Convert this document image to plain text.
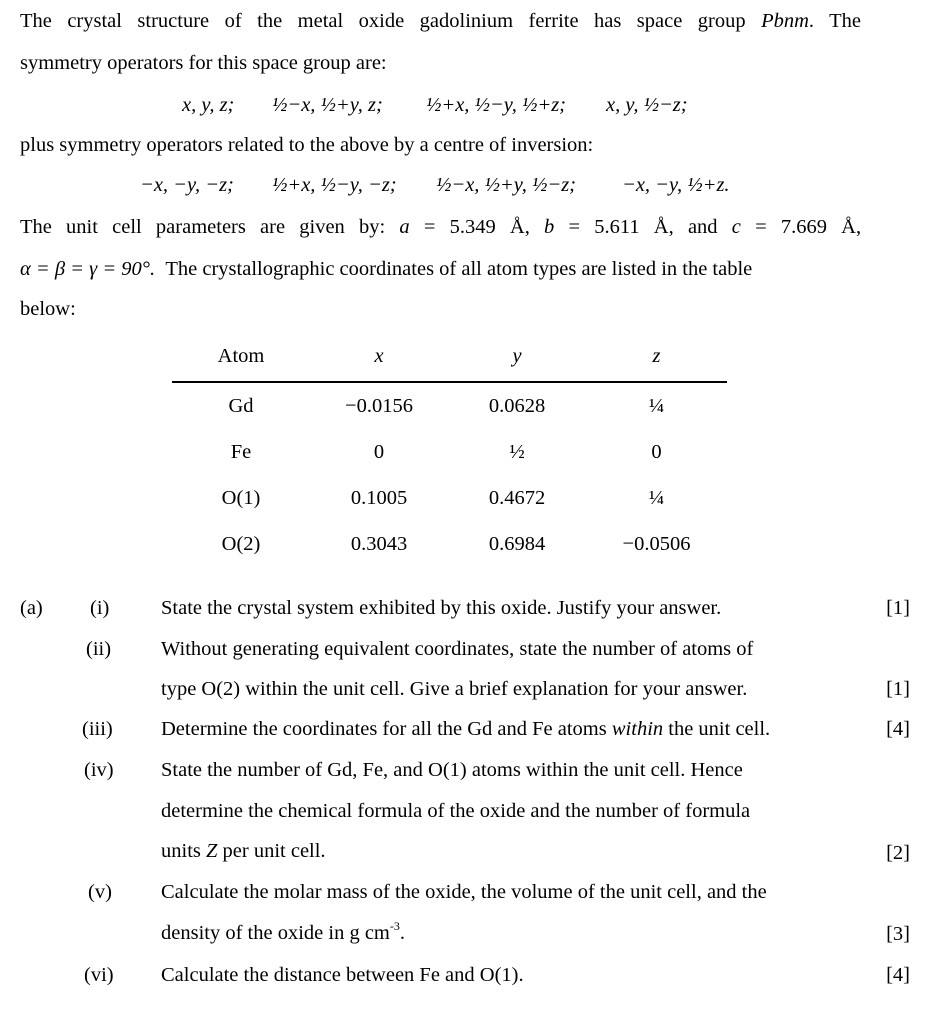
The crystal structure of the metal oxide gadolinium ferrite has space group Pbnm. The
symmetry operators for this space group are:
x, y, z; ½−x, ½+y, z; ½+x, ½−y, ½+z; x, y, ½−z;
plus symmetry operators related to the above by a centre of inversion:
−x, −y, −z; ½+x, ½−y, −z; ½−x, ½+y, ½−z; −x, −y, ½+z.
The unit cell parameters are given by: a = 5.349 Å, b = 5.611 Å, and c = 7.669 Å,
α = β = γ = 90°. The crystallographic coordinates of all atom types are listed in the table
below:
Atom	x	y	z
Gd	−0.0156	0.0628	¼
Fe	0	½	0
O(1)	0.1005	0.4672	¼
O(2)	0.3043	0.6984	−0.0506
(a) (i)	State the crystal system exhibited by this oxide. Justify your answer.	[1]
(ii) Without generating equivalent coordinates, state the number of atoms of
type O(2) within the unit cell. Give a brief explanation for your answer.	[1]
(iii) Determine the coordinates for all the Gd and Fe atoms within the unit cell.	[4]
(iv) State the number of Gd, Fe, and O(1) atoms within the unit cell. Hence
determine the chemical formula of the oxide and the number of formula
units Z per unit cell.	[2]
(v) Calculate the molar mass of the oxide, the volume of the unit cell, and the
density of the oxide in g $cm^{-3}$.	[3]
(vi) Calculate the distance between Fe and O(1).	[4]
